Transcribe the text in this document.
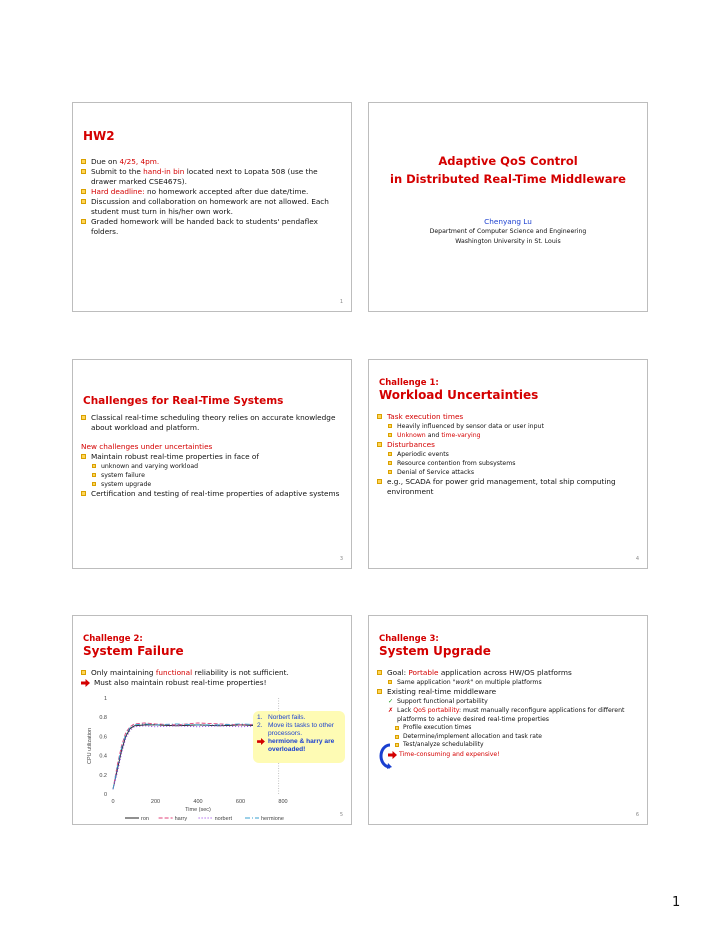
HW2
Due on 4/25, 4pm.
Submit to the hand-in bin located next to Lopata 508 (use the drawer marked CSE467S).
Hard deadline: no homework accepted after due date/time.
Discussion and collaboration on homework are not allowed. Each student must turn in his/her own work.
Graded homework will be handed back to students' pendaflex folders.
1
Adaptive QoS Control
in Distributed Real-Time Middleware
Chenyang Lu
Department of Computer Science and Engineering
Washington University in St. Louis
Challenges for Real-Time Systems
Classical real-time scheduling theory relies on accurate knowledge about workload and platform.
New challenges under uncertainties
Maintain robust real-time properties in face of
unknown and varying workload
system failure
system upgrade
Certification and testing of real-time properties of adaptive systems
3
Challenge 1:
Workload Uncertainties
Task execution times
Heavily influenced by sensor data or user input
Unknown and time-varying
Disturbances
Aperiodic events
Resource contention from subsystems
Denial of Service attacks
e.g., SCADA for power grid management, total ship computing environment
4
Challenge 2:
System Failure
Only maintaining functional reliability is not sufficient.
Must also maintain robust real-time properties!
0
0.2
0.4
0.6
0.8
1
0	200	400	600	800
CPU utilization
Time (sec)
ron	harry	norbert	hermione
1. Norbert fails.
2. Move its tasks to other processors.
hermione & harry are overloaded!
5
Challenge 3:
System Upgrade
Goal: Portable application across HW/OS platforms
Same application "work" on multiple platforms
Existing real-time middleware
✓ Support functional portability
✗ Lack QoS portability: must manually reconfigure applications for different platforms to achieve desired real-time properties
Profile execution times
Determine/implement allocation and task rate
Test/analyze schedulability
Time-consuming and expensive!
6
1
